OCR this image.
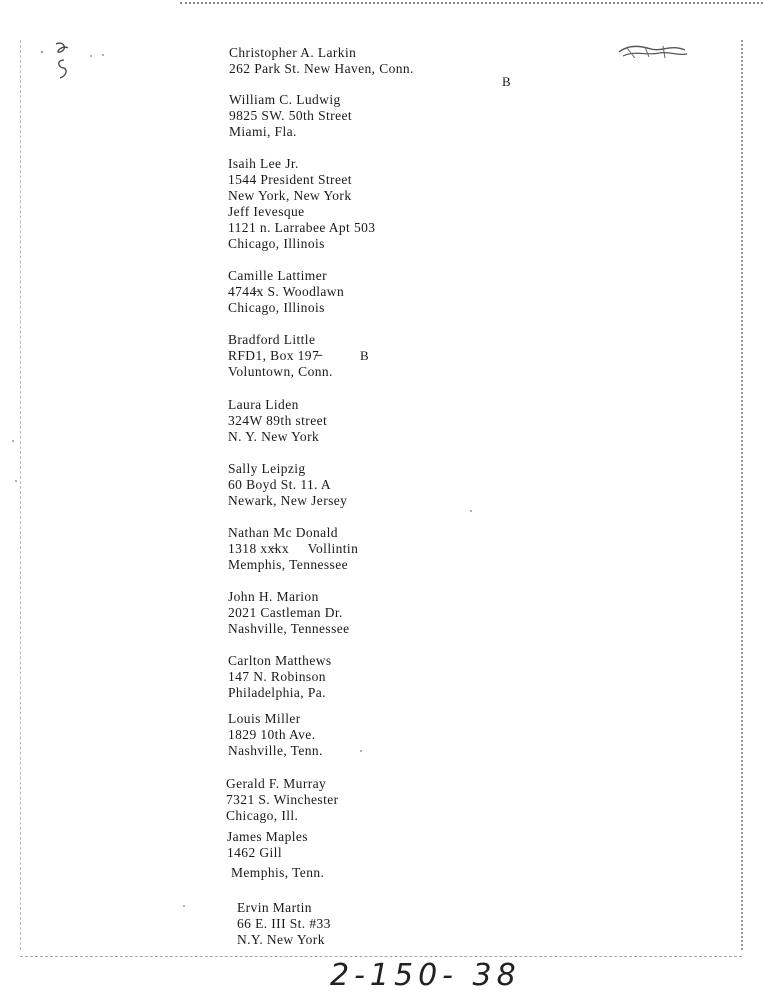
B
B
Christopher A. Larkin
262 Park St. New Haven, Conn.
William C. Ludwig
9825 SW. 50th Street
Miami, Fla.
Isaih Lee Jr.
1544 President Street
New York, New York
Jeff Ievesque
1121 n. Larrabee Apt 503
Chicago, Illinois
Camille Lattimer
4744̶x S. Woodlawn
Chicago, Illinois
Bradford Little
RFD1, Box 197̶̶
Voluntown, Conn.
Laura Liden
324W 89th street
N. Y. New York
Sally Leipzig
60 Boyd St. 11. A
Newark, New Jersey
Nathan Mc Donald
1318 xx̶kx     Vollintin
Memphis, Tennessee
John H. Marion
2021 Castleman Dr.
Nashville, Tennessee
Carlton Matthews
147 N. Robinson
Philadelphia, Pa.
Louis Miller
1829 10th Ave.
Nashville, Tenn.
Gerald F. Murray
7321 S. Winchester
Chicago, Ill.
James Maples
1462 Gill
Memphis, Tenn.
Ervin Martin
66 E. III St. #33
N.Y. New York
2-150- 38
